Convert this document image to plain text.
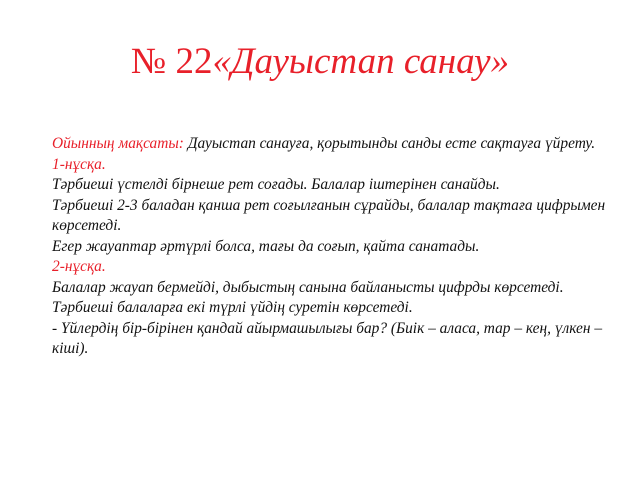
№ 22«Дауыстап санау»

Ойынның мақсаты: Дауыстап санауға, қорытынды санды есте сақтауға үйрету.

1-нұсқа.

Тәрбиеші үстелді бірнеше рет соғады. Балалар іштерінен санайды.

Тәрбиеші 2-3 баладан қанша рет соғылғанын сұрайды, балалар тақтаға цифрымен көрсетеді.

Егер жауаптар әртүрлі болса, тағы да соғып, қайта санатады.

2-нұсқа.

Балалар жауап бермейді, дыбыстың санына байланысты цифрды көрсетеді.

Тәрбиеші балаларға екі түрлі үйдің суретін көрсетеді.

- Үйлердің бір-бірінен қандай айырмашылығы бар? (Биік – аласа, тар – кең, үлкен – кіші).
